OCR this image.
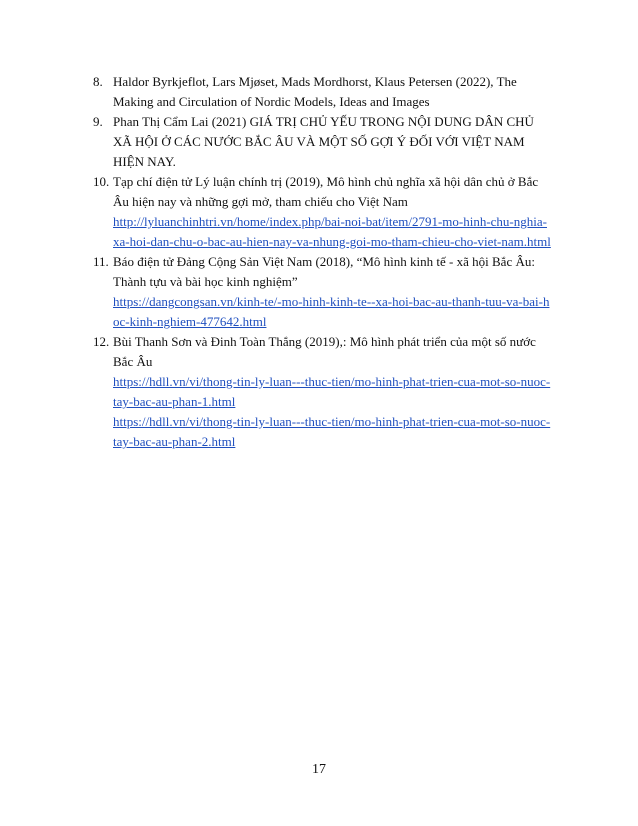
8. Haldor Byrkjeflot, Lars Mjøset, Mads Mordhorst, Klaus Petersen (2022), The Making and Circulation of Nordic Models, Ideas and Images
9. Phan Thị Cẩm Lai (2021) GIÁ TRỊ CHỦ YẾU TRONG NỘI DUNG DÂN CHỦ XÃ HỘI Ở CÁC NƯỚC BẮC ÂU VÀ MỘT SỐ GỢI Ý ĐỐI VỚI VIỆT NAM HIỆN NAY.
10. Tạp chí điện tử Lý luận chính trị (2019), Mô hình chủ nghĩa xã hội dân chủ ở Bắc Âu hiện nay và những gợi mở, tham chiếu cho Việt Nam
http://lyluanchinhtri.vn/home/index.php/bai-noi-bat/item/2791-mo-hinh-chu-nghia-xa-hoi-dan-chu-o-bac-au-hien-nay-va-nhung-goi-mo-tham-chieu-cho-viet-nam.html
11. Báo điện tử Đảng Cộng Sản Việt Nam (2018), “Mô hình kinh tế - xã hội Bắc Âu: Thành tựu và bài học kinh nghiệm”
https://dangcongsan.vn/kinh-te/-mo-hinh-kinh-te--xa-hoi-bac-au-thanh-tuu-va-bai-hoc-kinh-nghiem-477642.html
12. Bùi Thanh Sơn và Đinh Toàn Thắng (2019),: Mô hình phát triển của một số nước Bắc Âu
https://hdll.vn/vi/thong-tin-ly-luan---thuc-tien/mo-hinh-phat-trien-cua-mot-so-nuoc-tay-bac-au-phan-1.html
https://hdll.vn/vi/thong-tin-ly-luan---thuc-tien/mo-hinh-phat-trien-cua-mot-so-nuoc-tay-bac-au-phan-2.html
17
